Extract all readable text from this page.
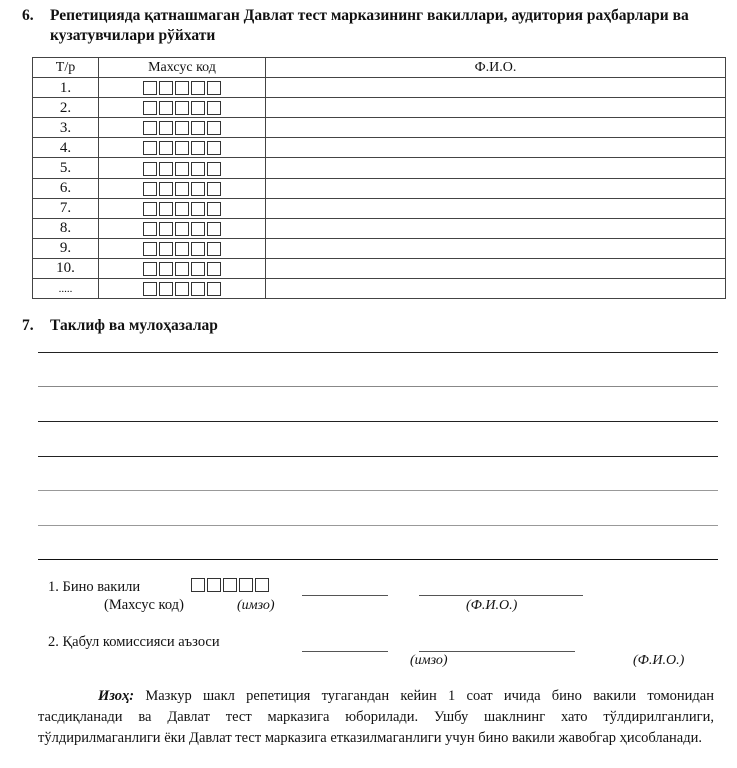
6. Репетицияда қатнашмаган Давлат тест марказининг вакиллари, аудитория раҳбарлари ва
кузатувчилари рўйхати
Т/р	Махсус код	Ф.И.О.
1.	

2.	

3.	

4.	

5.	

6.	

7.	

8.	

9.	

10.	

.....	

7. Таклиф ва мулоҳазалар
1. Бино вакили
(Махсус код)	(имзо)	(Ф.И.О.)
2. Қабул комиссияси аъзоси
(имзо)	(Ф.И.О.)
Изоҳ: Мазкур шакл репетиция тугагандан кейин 1 соат ичида бино вакили томонидан тасдиқланади ва Давлат тест марказига юборилади. Ушбу шаклнинг хато тўлдирилганлиги, тўлдирилмаганлиги ёки Давлат тест марказига етказилмаганлиги учун бино вакили жавобгар ҳисобланади.
